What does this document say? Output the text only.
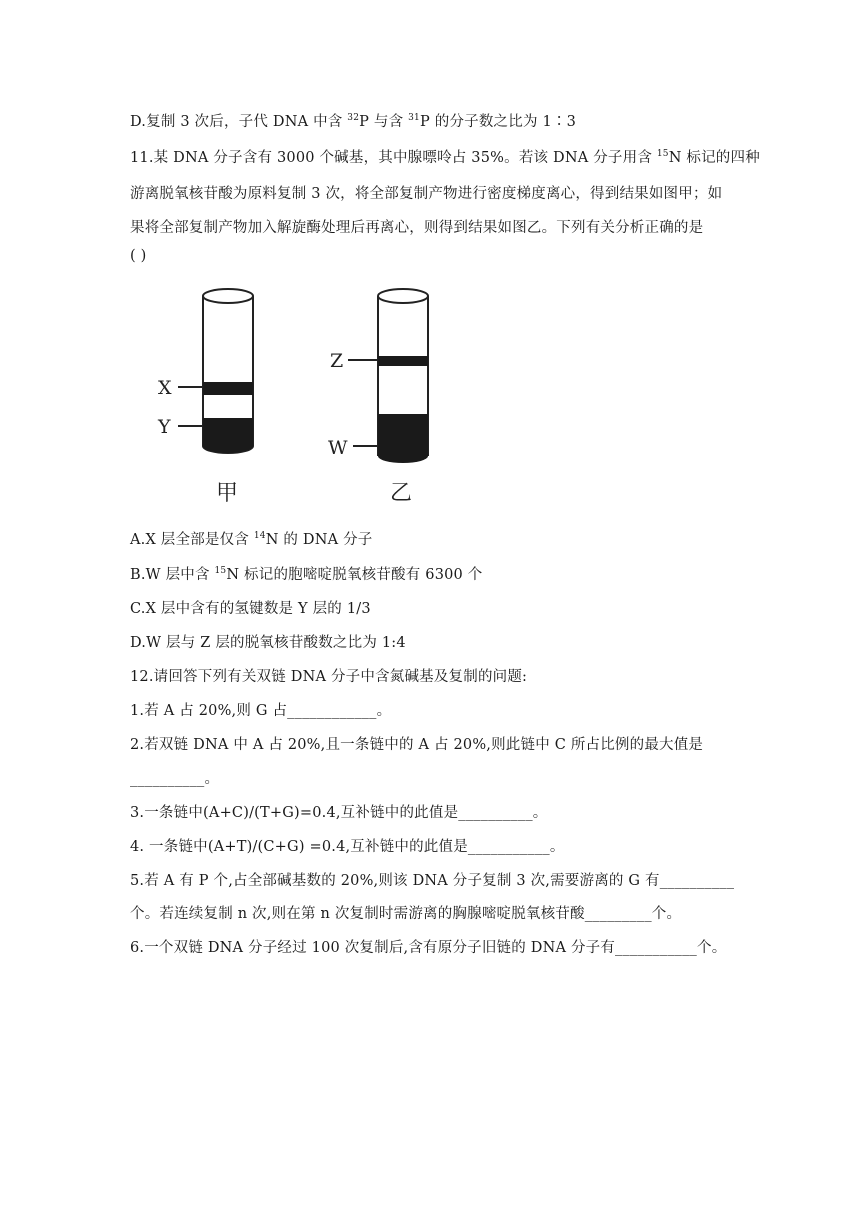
D.复制 3 次后，子代 DNA 中含 $^{32}$P 与含 $^{31}$P 的分子数之比为 1∶3
11.某 DNA 分子含有 3000 个碱基，其中腺嘌呤占 35%。若该 DNA 分子用含 $^{15}$N 标记的四种
游离脱氧核苷酸为原料复制 3 次，将全部复制产物进行密度梯度离心，得到结果如图甲；如
果将全部复制产物加入解旋酶处理后再离心，则得到结果如图乙。下列有关分析正确的是
( )
X
Y
甲
Z
W
乙
A.X 层全部是仅含 $^{14}$N 的 DNA 分子
B.W 层中含 $^{15}$N 标记的胞嘧啶脱氧核苷酸有 6300 个
C.X 层中含有的氢键数是 Y 层的 1/3
D.W 层与 Z 层的脱氧核苷酸数之比为 1:4
12.请回答下列有关双链 DNA 分子中含氮碱基及复制的问题:
1.若 A 占 20%,则 G 占____________。
2.若双链 DNA 中 A 占 20%,且一条链中的 A 占 20%,则此链中 C 所占比例的最大值是
__________。
3.一条链中(A+C)/(T+G)=0.4,互补链中的此值是__________。
4. 一条链中(A+T)/(C+G) =0.4,互补链中的此值是___________。
5.若 A 有 P 个,占全部碱基数的 20%,则该 DNA 分子复制 3 次,需要游离的 G 有__________
个。若连续复制 n 次,则在第 n 次复制时需游离的胸腺嘧啶脱氧核苷酸_________个。
6.一个双链 DNA 分子经过 100 次复制后,含有原分子旧链的 DNA 分子有___________个。
